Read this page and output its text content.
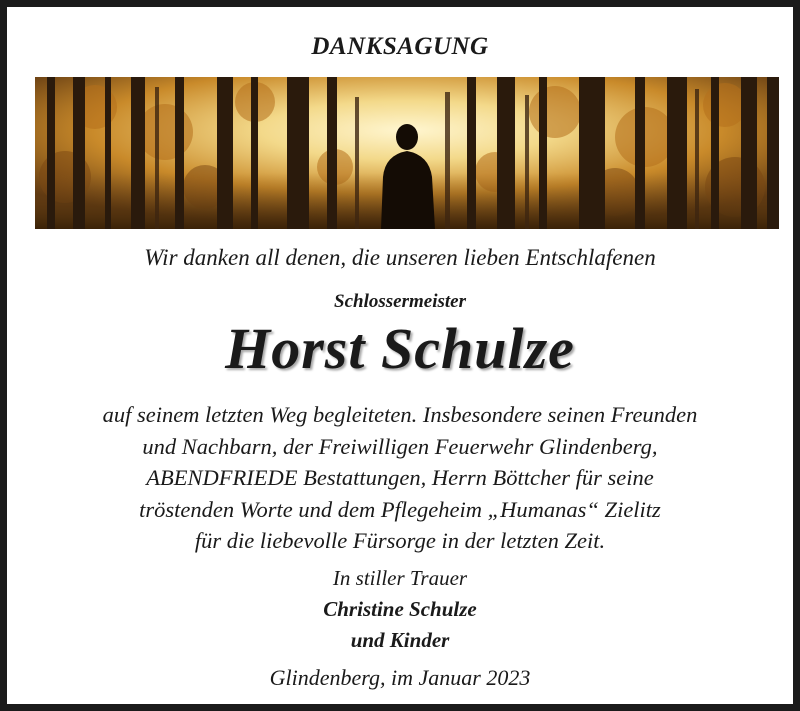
DANKSAGUNG
Wir danken all denen, die unseren lieben Entschlafenen
Schlossermeister
Horst Schulze
auf seinem letzten Weg begleiteten. Insbesondere seinen Freunden
und Nachbarn, der Freiwilligen Feuerwehr Glindenberg,
ABENDFRIEDE Bestattungen, Herrn Böttcher für seine
tröstenden Worte und dem Pflegeheim „Humanas“ Zielitz
für die liebevolle Fürsorge in der letzten Zeit.
In stiller Trauer
Christine Schulze
und Kinder
Glindenberg, im Januar 2023
